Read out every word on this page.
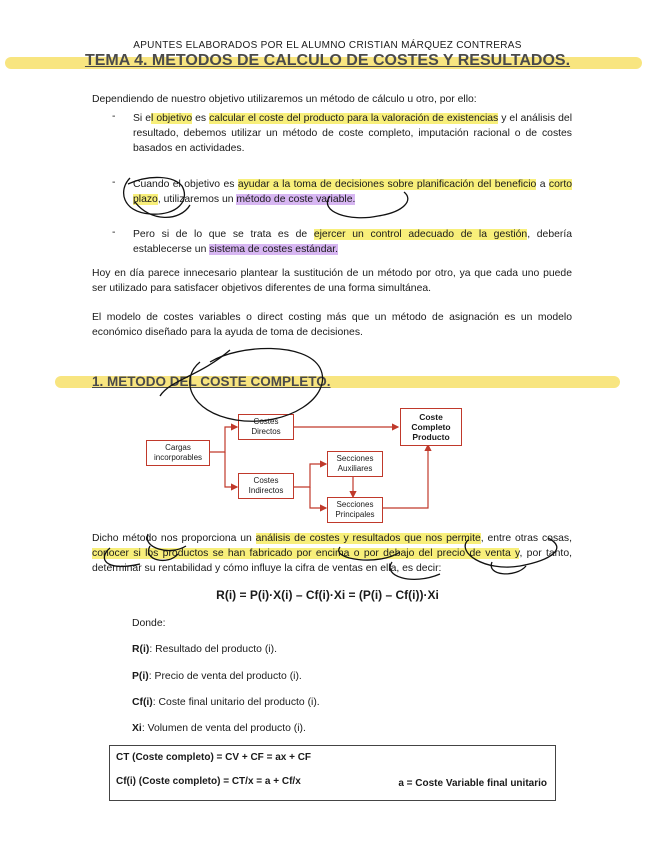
APUNTES ELABORADOS POR EL ALUMNO CRISTIAN MÁRQUEZ CONTRERAS
TEMA 4. METODOS DE CALCULO DE COSTES Y RESULTADOS.
Dependiendo de nuestro objetivo utilizaremos un método de cálculo u otro, por ello:
- Si el objetivo es calcular el coste del producto para la valoración de existencias y el análisis del resultado, debemos utilizar un método de coste completo, imputación racional o de costes basados en actividades.
- Cuando el objetivo es ayudar a la toma de decisiones sobre planificación del beneficio a corto plazo, utilizaremos un método de coste variable.
- Pero si de lo que se trata es de ejercer un control adecuado de la gestión, debería establecerse un sistema de costes estándar.
Hoy en día parece innecesario plantear la sustitución de un método por otro, ya que cada uno puede ser utilizado para satisfacer objetivos diferentes de una forma simultánea.
El modelo de costes variables o direct costing más que un método de asignación es un modelo económico diseñado para la ayuda de toma de decisiones.
1. METODO DEL COSTE COMPLETO.
Cargas incorporables
Costes Directos
Costes Indirectos
Secciones Auxiliares
Secciones Principales
Coste Completo Producto
Dicho método nos proporciona un análisis de costes y resultados que nos permite, entre otras cosas, conocer si los productos se han fabricado por encima o por debajo del precio de venta y, por tanto, determinar su rentabilidad y cómo influye la cifra de ventas en ella, es decir:
R(i) = P(i)·X(i) – Cf(i)·Xi = (P(i) – Cf(i))·Xi
Donde:
R(i): Resultado del producto (i).
P(i): Precio de venta del producto (i).
Cf(i): Coste final unitario del producto (i).
Xi: Volumen de venta del producto (i).
CT (Coste completo) = CV + CF = ax + CF
Cf(i) (Coste completo) = CT/x = a + Cf/x	a = Coste Variable final unitario
